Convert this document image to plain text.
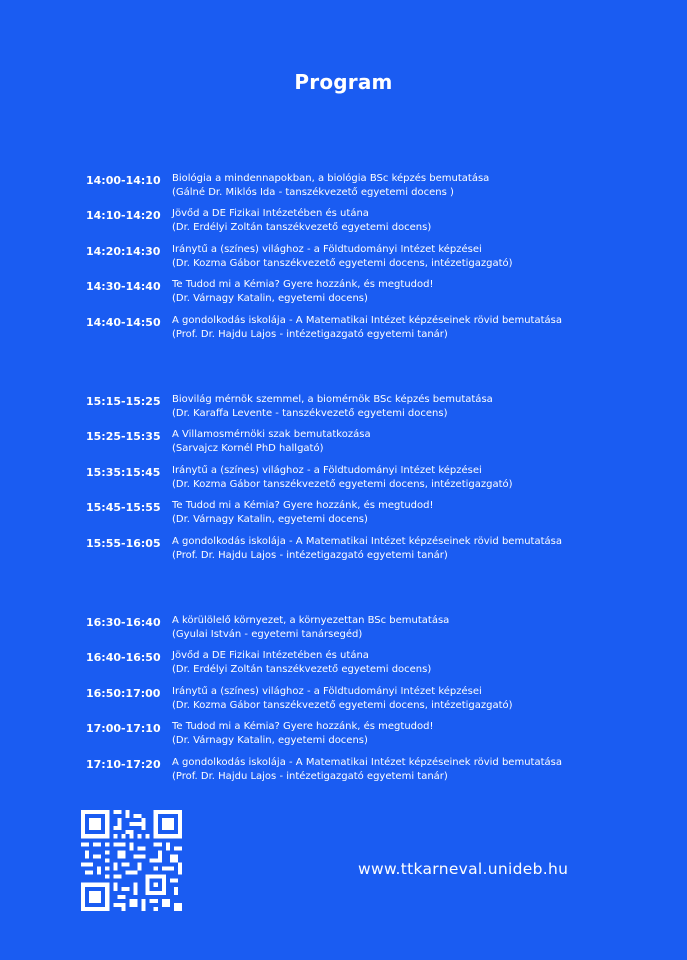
Program
14:00-14:10	Biológia a mindennapokban, a biológia BSc képzés bemutatása
(Gálné Dr. Miklós Ida - tanszékvezető egyetemi docens )
14:10-14:20	Jövőd a DE Fizikai Intézetében és utána
(Dr. Erdélyi Zoltán tanszékvezető egyetemi docens)
14:20:14:30	Iránytű a (színes) világhoz - a Földtudományi Intézet képzései
(Dr. Kozma Gábor tanszékvezető egyetemi docens, intézetigazgató)
14:30-14:40	Te Tudod mi a Kémia? Gyere hozzánk, és megtudod!
(Dr. Várnagy Katalin, egyetemi docens)
14:40-14:50	A gondolkodás iskolája - A Matematikai Intézet képzéseinek rövid bemutatása
(Prof. Dr. Hajdu Lajos - intézetigazgató egyetemi tanár)
15:15-15:25	Biovilág mérnök szemmel, a biomérnök BSc képzés bemutatása
(Dr. Karaffa Levente - tanszékvezető egyetemi docens)
15:25-15:35	A Villamosmérnöki szak bemutatkozása
(Sarvajcz Kornél PhD hallgató)
15:35:15:45	Iránytű a (színes) világhoz - a Földtudományi Intézet képzései
(Dr. Kozma Gábor tanszékvezető egyetemi docens, intézetigazgató)
15:45-15:55	Te Tudod mi a Kémia? Gyere hozzánk, és megtudod!
(Dr. Várnagy Katalin, egyetemi docens)
15:55-16:05	A gondolkodás iskolája - A Matematikai Intézet képzéseinek rövid bemutatása
(Prof. Dr. Hajdu Lajos - intézetigazgató egyetemi tanár)
16:30-16:40	A körülölelő környezet, a környezettan BSc bemutatása
(Gyulai István - egyetemi tanársegéd)
16:40-16:50	Jövőd a DE Fizikai Intézetében és utána
(Dr. Erdélyi Zoltán tanszékvezető egyetemi docens)
16:50:17:00	Iránytű a (színes) világhoz - a Földtudományi Intézet képzései
(Dr. Kozma Gábor tanszékvezető egyetemi docens, intézetigazgató)
17:00-17:10	Te Tudod mi a Kémia? Gyere hozzánk, és megtudod!
(Dr. Várnagy Katalin, egyetemi docens)
17:10-17:20	A gondolkodás iskolája - A Matematikai Intézet képzéseinek rövid bemutatása
(Prof. Dr. Hajdu Lajos - intézetigazgató egyetemi tanár)
www.ttkarneval.unideb.hu
